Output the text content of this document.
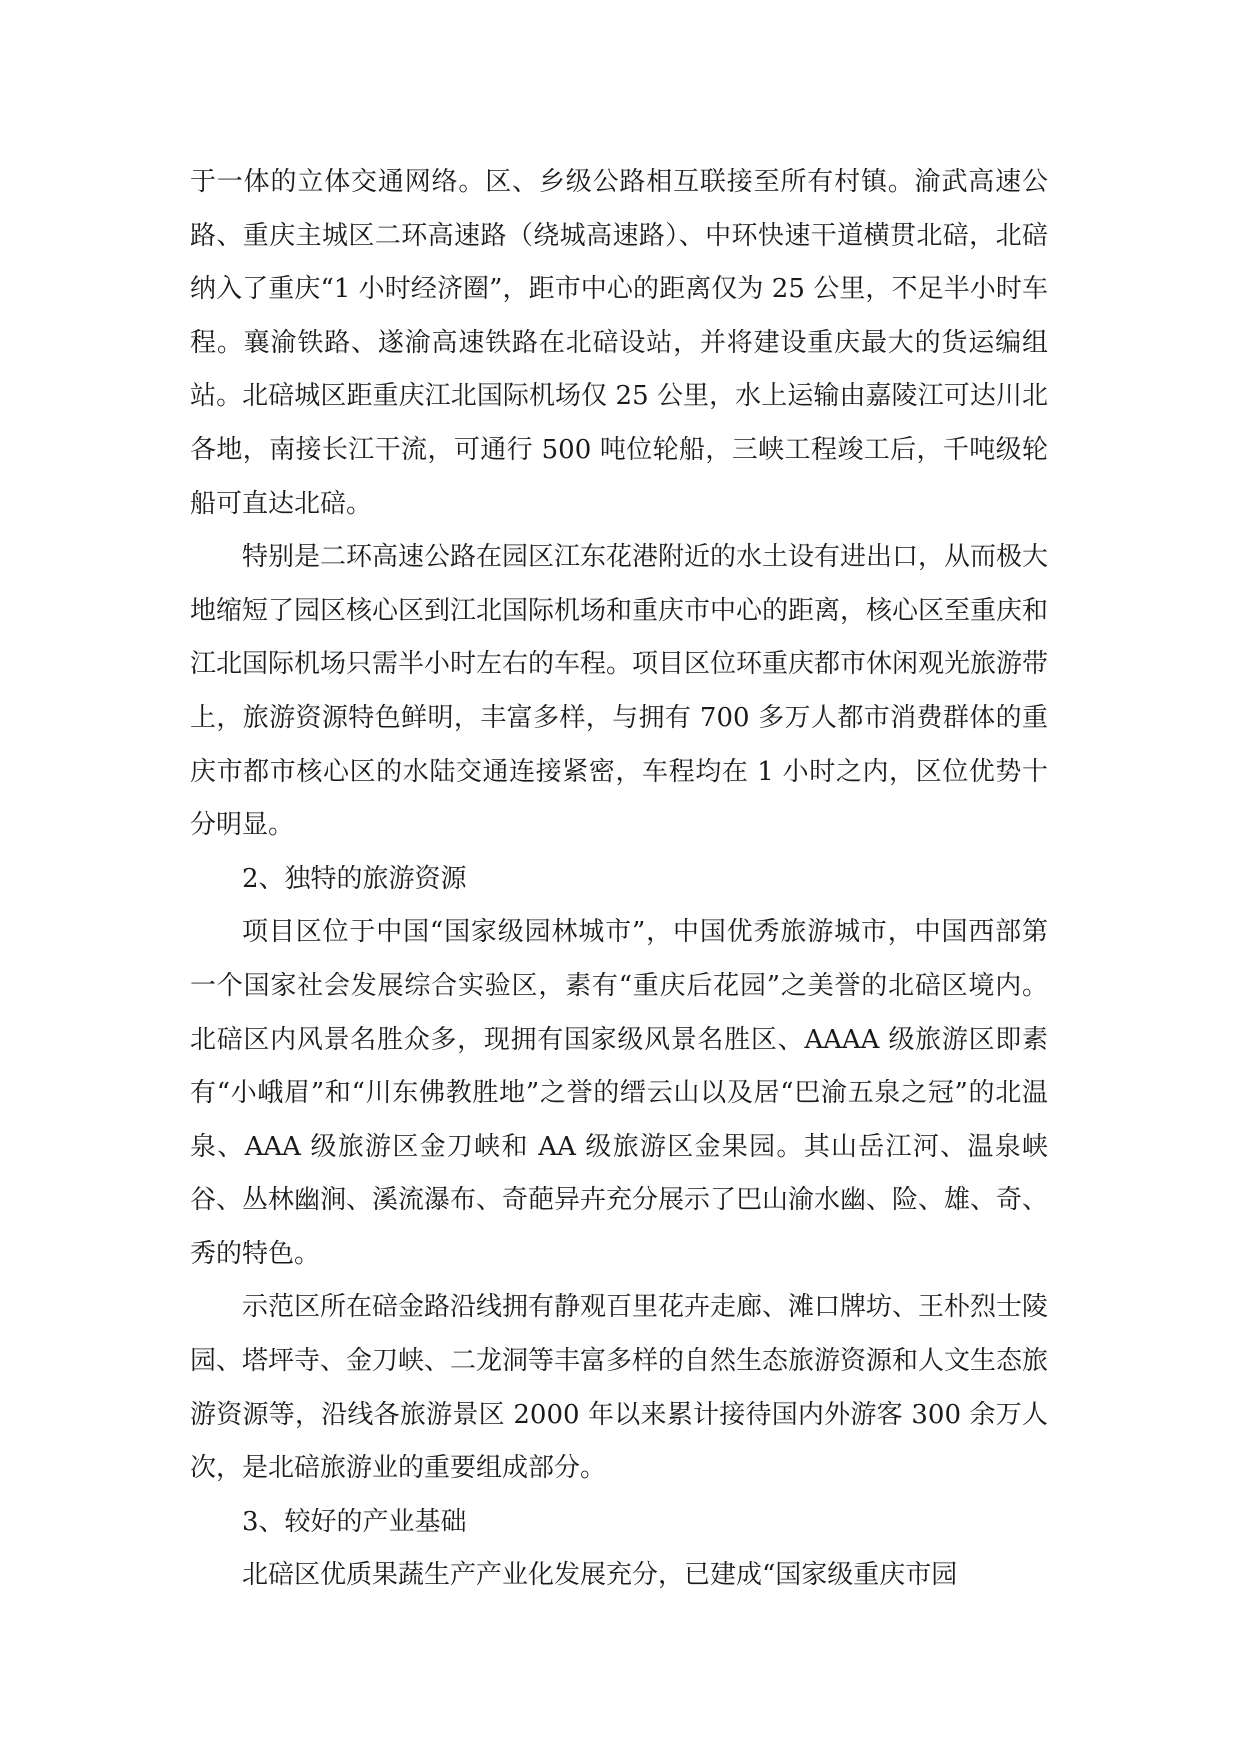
于一体的立体交通网络。区、乡级公路相互联接至所有村镇。渝武高速公路、重庆主城区二环高速路（绕城高速路）、中环快速干道横贯北碚，北碚纳入了重庆“1 小时经济圈”，距市中心的距离仅为 25 公里，不足半小时车程。襄渝铁路、遂渝高速铁路在北碚设站，并将建设重庆最大的货运编组站。北碚城区距重庆江北国际机场仅 25 公里，水上运输由嘉陵江可达川北各地，南接长江干流，可通行 500 吨位轮船，三峡工程竣工后，千吨级轮船可直达北碚。

特别是二环高速公路在园区江东花港附近的水土设有进出口，从而极大地缩短了园区核心区到江北国际机场和重庆市中心的距离，核心区至重庆和江北国际机场只需半小时左右的车程。项目区位环重庆都市休闲观光旅游带上，旅游资源特色鲜明，丰富多样，与拥有 700 多万人都市消费群体的重庆市都市核心区的水陆交通连接紧密，车程均在 1 小时之内，区位优势十分明显。

2、独特的旅游资源

项目区位于中国“国家级园林城市”，中国优秀旅游城市，中国西部第一个国家社会发展综合实验区，素有“重庆后花园”之美誉的北碚区境内。北碚区内风景名胜众多，现拥有国家级风景名胜区、AAAA 级旅游区即素有“小峨眉”和“川东佛教胜地”之誉的缙云山以及居“巴渝五泉之冠”的北温泉、AAA 级旅游区金刀峡和 AA 级旅游区金果园。其山岳江河、温泉峡谷、丛林幽涧、溪流瀑布、奇葩异卉充分展示了巴山渝水幽、险、雄、奇、秀的特色。

示范区所在碚金路沿线拥有静观百里花卉走廊、滩口牌坊、王朴烈士陵园、塔坪寺、金刀峡、二龙洞等丰富多样的自然生态旅游资源和人文生态旅游资源等，沿线各旅游景区 2000 年以来累计接待国内外游客 300 余万人次，是北碚旅游业的重要组成部分。

3、较好的产业基础

北碚区优质果蔬生产产业化发展充分，已建成“国家级重庆市园
